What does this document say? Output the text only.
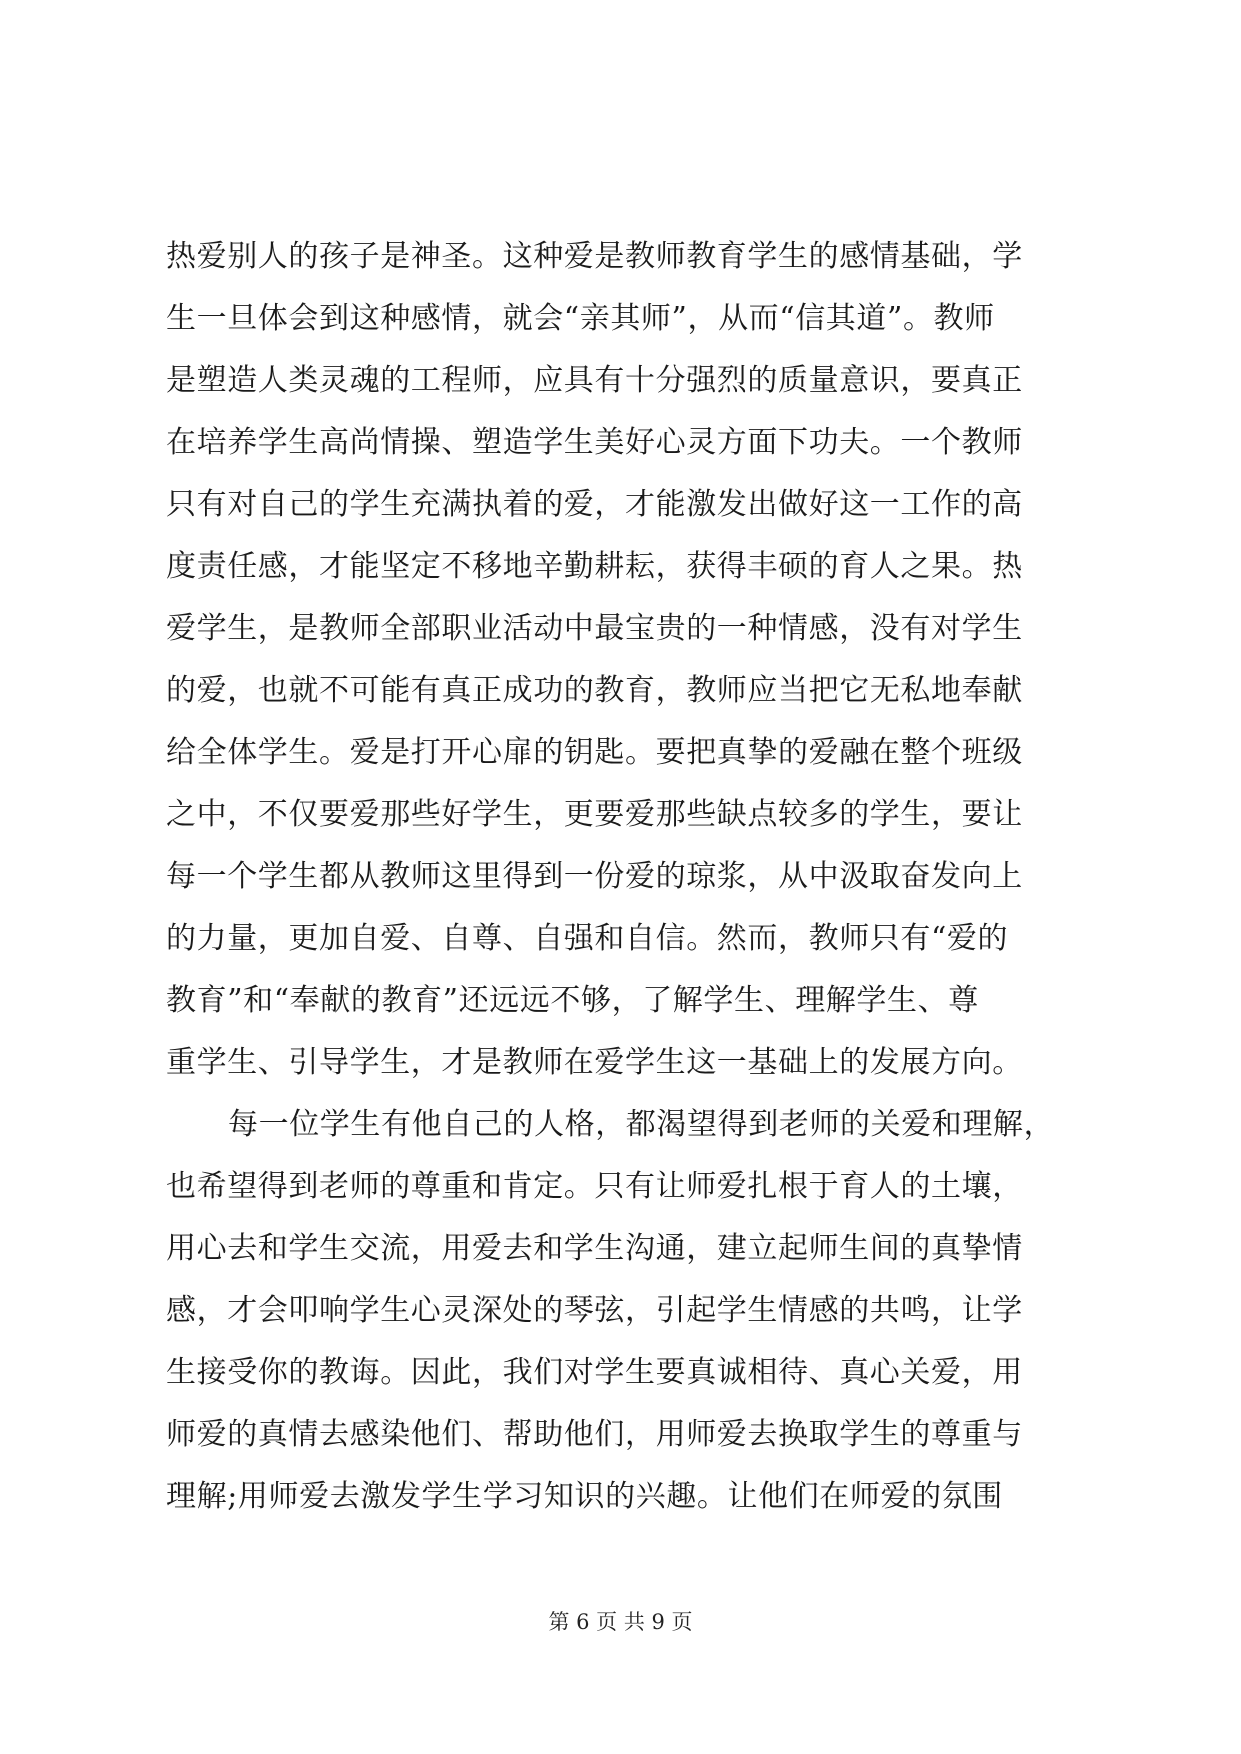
热爱别人的孩子是神圣。这种爱是教师教育学生的感情基础，学
生一旦体会到这种感情，就会“亲其师”，从而“信其道”。教师
是塑造人类灵魂的工程师，应具有十分强烈的质量意识，要真正
在培养学生高尚情操、塑造学生美好心灵方面下功夫。一个教师
只有对自己的学生充满执着的爱，才能激发出做好这一工作的高
度责任感，才能坚定不移地辛勤耕耘，获得丰硕的育人之果。热
爱学生，是教师全部职业活动中最宝贵的一种情感，没有对学生
的爱，也就不可能有真正成功的教育，教师应当把它无私地奉献
给全体学生。爱是打开心扉的钥匙。要把真挚的爱融在整个班级
之中，不仅要爱那些好学生，更要爱那些缺点较多的学生，要让
每一个学生都从教师这里得到一份爱的琼浆，从中汲取奋发向上
的力量，更加自爱、自尊、自强和自信。然而，教师只有“爱的
教育”和“奉献的教育”还远远不够，了解学生、理解学生、尊
重学生、引导学生，才是教师在爱学生这一基础上的发展方向。
每一位学生有他自己的人格，都渴望得到老师的关爱和理解，
也希望得到老师的尊重和肯定。只有让师爱扎根于育人的土壤，
用心去和学生交流，用爱去和学生沟通，建立起师生间的真挚情
感，才会叩响学生心灵深处的琴弦，引起学生情感的共鸣，让学
生接受你的教诲。因此，我们对学生要真诚相待、真心关爱，用
师爱的真情去感染他们、帮助他们，用师爱去换取学生的尊重与
理解;用师爱去激发学生学习知识的兴趣。让他们在师爱的氛围
第 6 页 共 9 页
